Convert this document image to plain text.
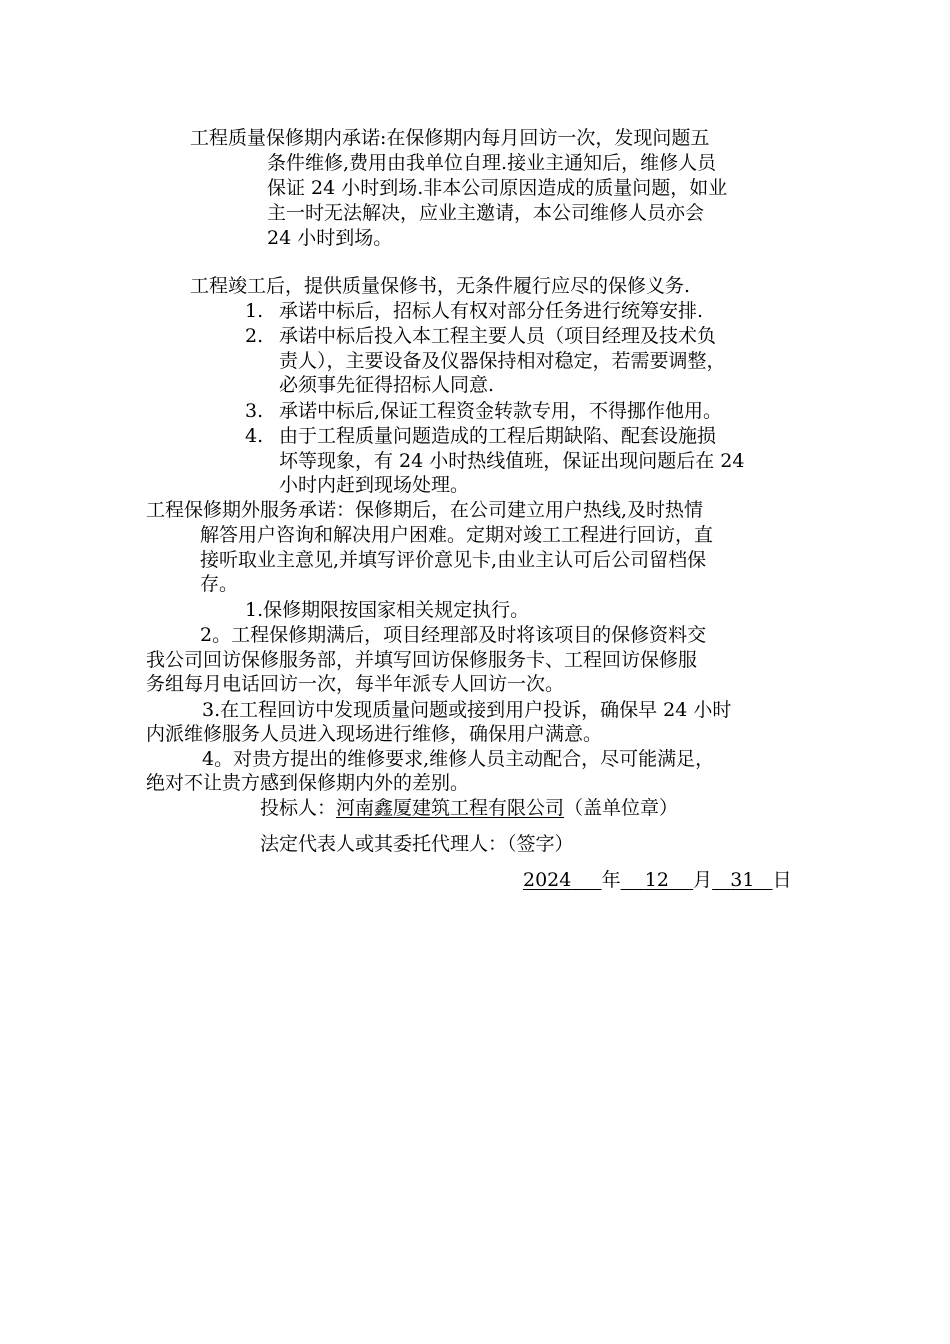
工程质量保修期内承诺:在保修期内每月回访一次，发现问题五
条件维修,费用由我单位自理.接业主通知后，维修人员
保证 24 小时到场.非本公司原因造成的质量问题，如业
主一时无法解决，应业主邀请，本公司维修人员亦会
24 小时到场。
工程竣工后，提供质量保修书，无条件履行应尽的保修义务.
1. 承诺中标后，招标人有权对部分任务进行统筹安排.
2. 承诺中标后投入本工程主要人员（项目经理及技术负
责人），主要设备及仪器保持相对稳定，若需要调整，
必须事先征得招标人同意.
3. 承诺中标后,保证工程资金转款专用，不得挪作他用。
4. 由于工程质量问题造成的工程后期缺陷、配套设施损
坏等现象，有 24 小时热线值班，保证出现问题后在 24
小时内赶到现场处理。
工程保修期外服务承诺：保修期后，在公司建立用户热线,及时热情
解答用户咨询和解决用户困难。定期对竣工工程进行回访，直
接听取业主意见,并填写评价意见卡,由业主认可后公司留档保
存。
1.保修期限按国家相关规定执行。
2。工程保修期满后，项目经理部及时将该项目的保修资料交
我公司回访保修服务部，并填写回访保修服务卡、工程回访保修服
务组每月电话回访一次，每半年派专人回访一次。
3.在工程回访中发现质量问题或接到用户投诉，确保早 24 小时
内派维修服务人员进入现场进行维修，确保用户满意。
4。对贵方提出的维修要求,维修人员主动配合，尽可能满足，
绝对不让贵方感到保修期内外的差别。
投标人：河南鑫厦建筑工程有限公司（盖单位章）
法定代表人或其委托代理人：（签字）
2024 年 12 月 31 日
